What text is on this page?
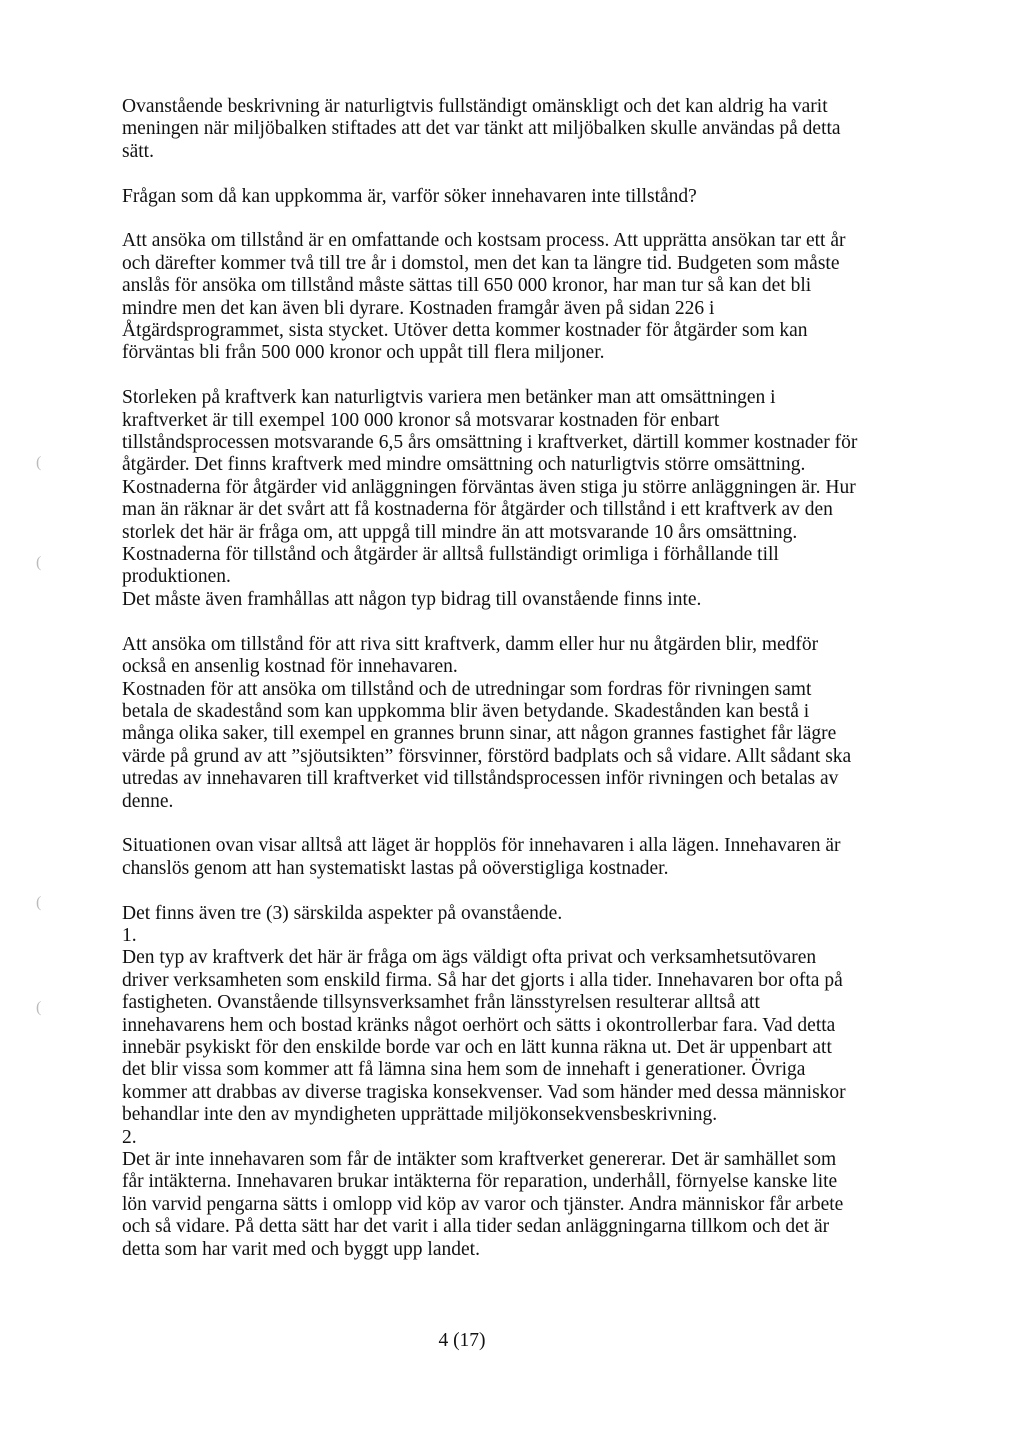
(
(
(
(
Ovanstående beskrivning är naturligtvis fullständigt omänskligt och det kan aldrig ha varit
meningen när miljöbalken stiftades att det var tänkt att miljöbalken skulle användas på detta
sätt.
Frågan som då kan uppkomma är, varför söker innehavaren inte tillstånd?
Att ansöka om tillstånd är en omfattande och kostsam process. Att upprätta ansökan tar ett år
och därefter kommer två till tre år i domstol, men det kan ta längre tid. Budgeten som måste
anslås för ansöka om tillstånd måste sättas till 650 000 kronor, har man tur så kan det bli
mindre men det kan även bli dyrare. Kostnaden framgår även på sidan 226 i
Åtgärdsprogrammet, sista stycket. Utöver detta kommer kostnader för åtgärder som kan
förväntas bli från 500 000 kronor och uppåt till flera miljoner.
Storleken på kraftverk kan naturligtvis variera men betänker man att omsättningen i
kraftverket är till exempel 100 000 kronor så motsvarar kostnaden för enbart
tillståndsprocessen motsvarande 6,5 års omsättning i kraftverket, därtill kommer kostnader för
åtgärder. Det finns kraftverk med mindre omsättning och naturligtvis större omsättning.
Kostnaderna för åtgärder vid anläggningen förväntas även stiga ju större anläggningen är. Hur
man än räknar är det svårt att få kostnaderna för åtgärder och tillstånd i ett kraftverk av den
storlek det här är fråga om, att uppgå till mindre än att motsvarande 10 års omsättning.
Kostnaderna för tillstånd och åtgärder är alltså fullständigt orimliga i förhållande till
produktionen.
Det måste även framhållas att någon typ bidrag till ovanstående finns inte.
Att ansöka om tillstånd för att riva sitt kraftverk, damm eller hur nu åtgärden blir, medför
också en ansenlig kostnad för innehavaren.
Kostnaden för att ansöka om tillstånd och de utredningar som fordras för rivningen samt
betala de skadestånd som kan uppkomma blir även betydande. Skadestånden kan bestå i
många olika saker, till exempel en grannes brunn sinar, att någon grannes fastighet får lägre
värde på grund av att ”sjöutsikten” försvinner, förstörd badplats och så vidare. Allt sådant ska
utredas av innehavaren till kraftverket vid tillståndsprocessen inför rivningen och betalas av
denne.
Situationen ovan visar alltså att läget är hopplös för innehavaren i alla lägen. Innehavaren är
chanslös genom att han systematiskt lastas på oöverstigliga kostnader.
Det finns även tre (3) särskilda aspekter på ovanstående.
1.
Den typ av kraftverk det här är fråga om ägs väldigt ofta privat och verksamhetsutövaren
driver verksamheten som enskild firma. Så har det gjorts i alla tider. Innehavaren bor ofta på
fastigheten. Ovanstående tillsynsverksamhet från länsstyrelsen resulterar alltså att
innehavarens hem och bostad kränks något oerhört och sätts i okontrollerbar fara. Vad detta
innebär psykiskt för den enskilde borde var och en lätt kunna räkna ut. Det är uppenbart att
det blir vissa som kommer att få lämna sina hem som de innehaft i generationer. Övriga
kommer att drabbas av diverse tragiska konsekvenser. Vad som händer med dessa människor
behandlar inte den av myndigheten upprättade miljökonsekvensbeskrivning.
2.
Det är inte innehavaren som får de intäkter som kraftverket genererar. Det är samhället som
får intäkterna. Innehavaren brukar intäkterna för reparation, underhåll, förnyelse kanske lite
lön varvid pengarna sätts i omlopp vid köp av varor och tjänster. Andra människor får arbete
och så vidare. På detta sätt har det varit i alla tider sedan anläggningarna tillkom och det är
detta som har varit med och byggt upp landet.
4 (17)
